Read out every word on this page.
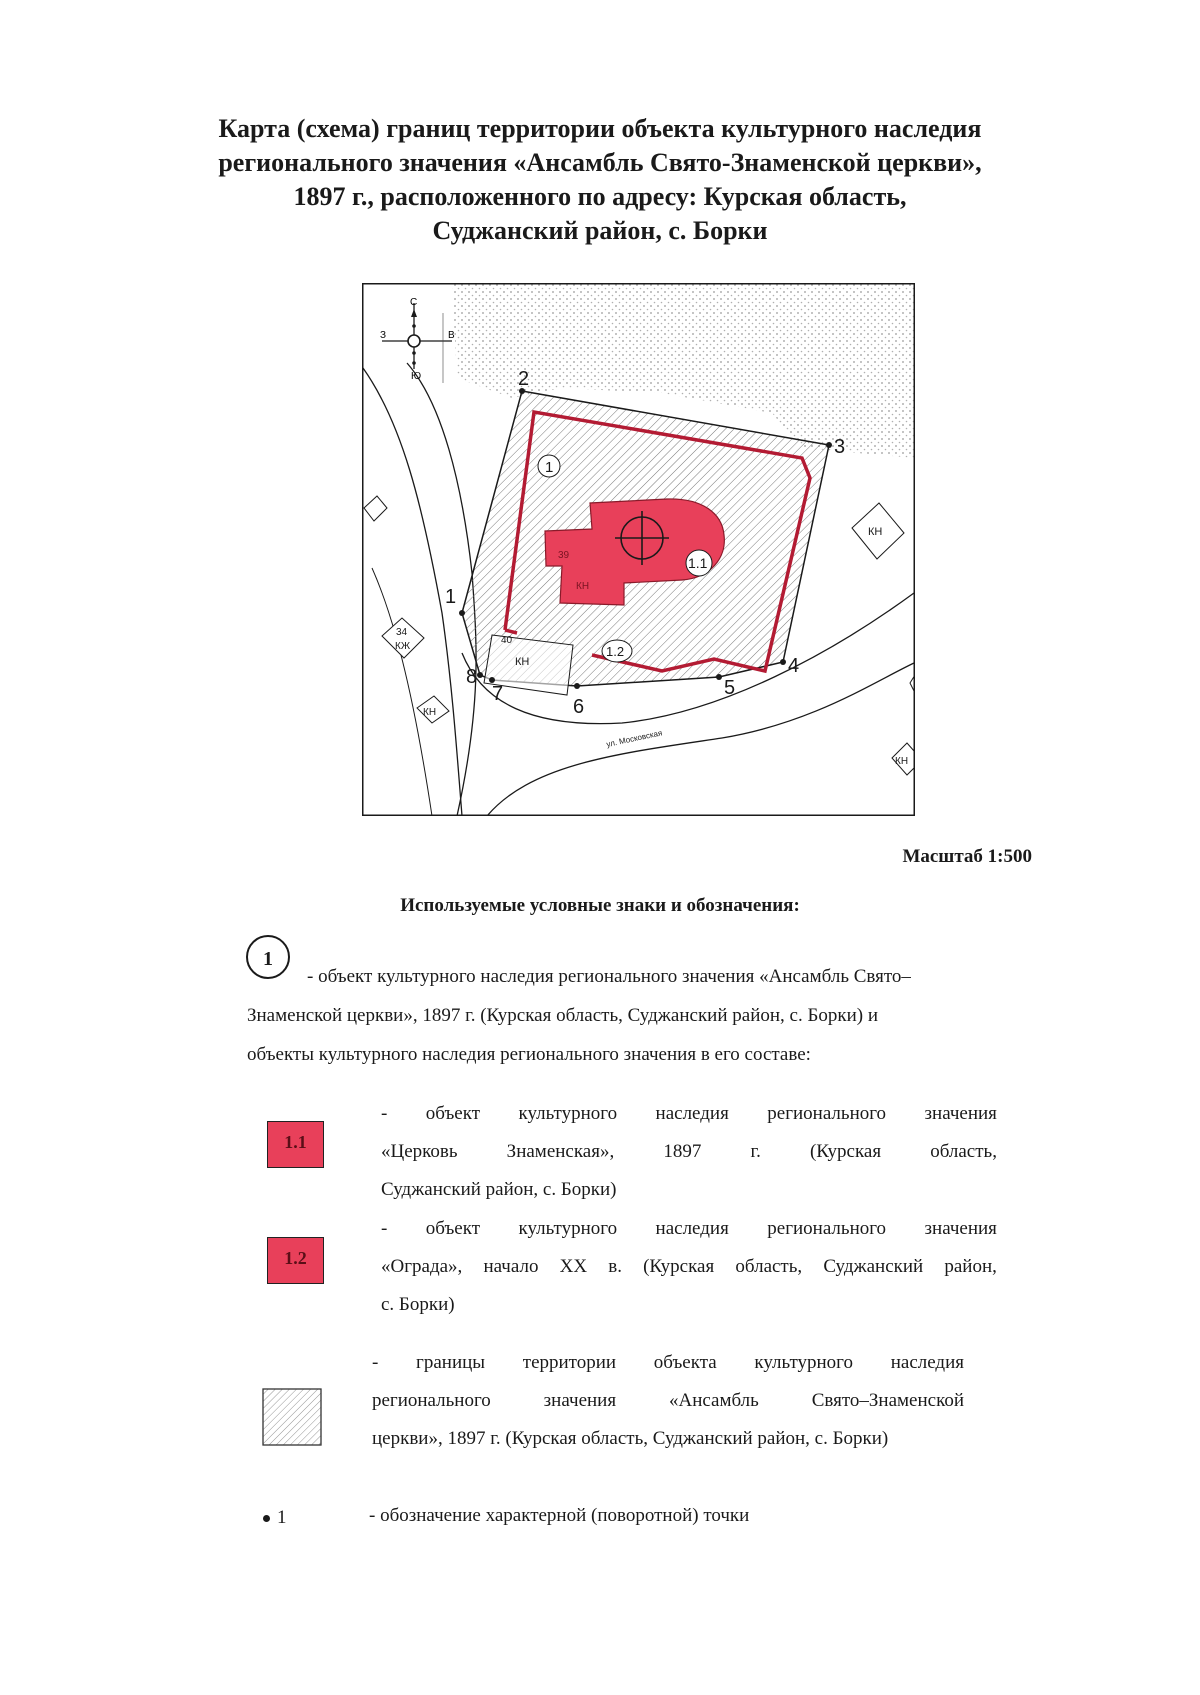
Карта (схема) границ территории объекта культурного наследия
регионального значения «Ансамбль Свято-Знаменской церкви»,
1897 г., расположенного по адресу: Курская область,
Суджанский район, с. Борки
С
З
Ю
В
1
2
3
4
5
6
7
8
1
1.1
1.2
39
КН
40
КН
КН
34
КЖ
КН
КН
ул. Московская
Масштаб 1:500
Используемые условные знаки и обозначения:
1
- объект культурного наследия регионального значения «Ансамбль Свято–
Знаменской церкви», 1897 г. (Курская область, Суджанский район, с. Борки) и
объекты культурного наследия регионального значения в его составе:
1.1
- объект культурного наследия регионального значения
«Церковь	Знаменская»,	1897	г.	(Курская	область,
Суджанский район, с. Борки)
1.2
- объект культурного наследия регионального значения
«Ограда», начало XX в. (Курская область, Суджанский район,
с. Борки)
- границы территории объекта культурного наследия
регионального	значения	«Ансамбль	Свято–Знаменской
церкви», 1897 г. (Курская область, Суджанский район, с. Борки)
1	- обозначение характерной (поворотной) точки
